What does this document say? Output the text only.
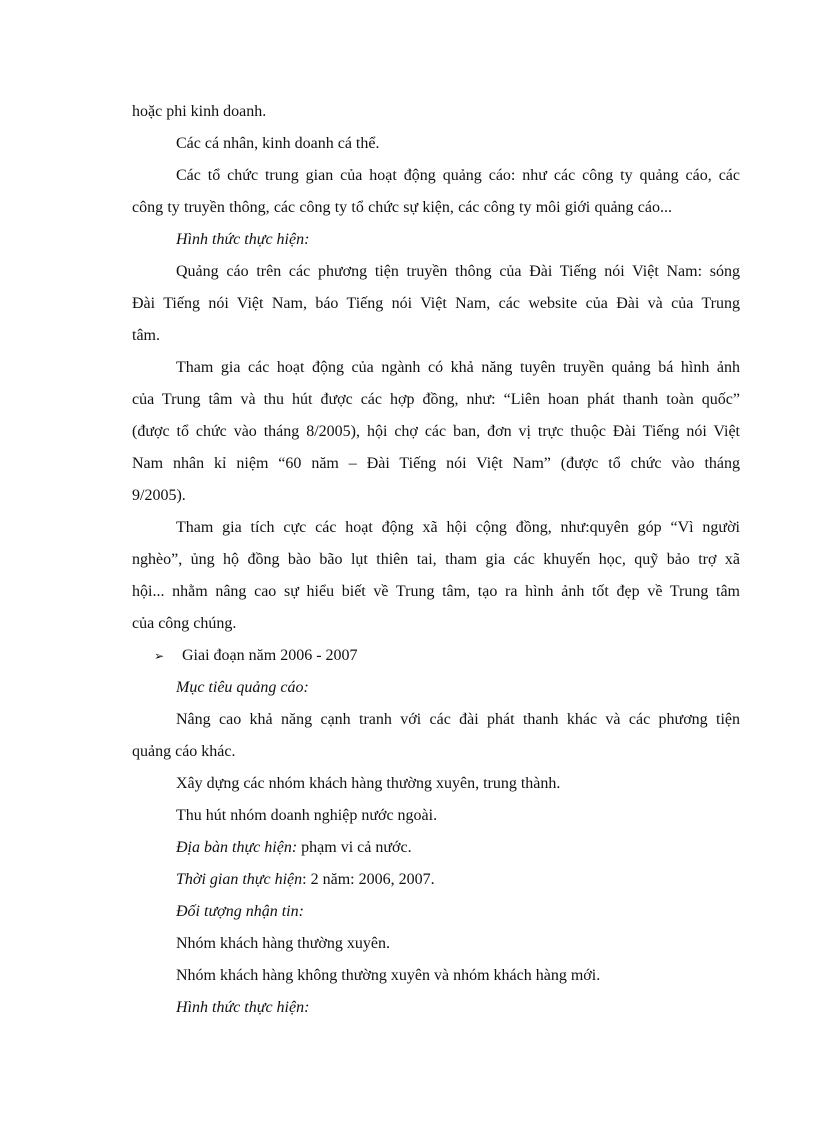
hoặc phi kinh doanh.
Các cá nhân, kinh doanh cá thể.
Các tổ chức trung gian của hoạt động quảng cáo: như các công ty quảng cáo, các
công ty truyền thông, các công ty tổ chức sự kiện, các công ty môi giới quảng cáo...
Hình thức thực hiện:
Quảng cáo trên các phương tiện truyền thông của Đài Tiếng nói Việt Nam: sóng
Đài Tiếng nói Việt Nam, báo Tiếng nói Việt Nam, các website của Đài và của Trung
tâm.
Tham gia các hoạt động của ngành có khả năng tuyên truyền quảng bá hình ảnh
của Trung tâm và thu hút được các hợp đồng, như: “Liên hoan phát thanh toàn quốc”
(được tổ chức vào tháng 8/2005), hội chợ các ban, đơn vị trực thuộc Đài Tiếng nói Việt
Nam nhân kỉ niệm “60 năm – Đài Tiếng nói Việt Nam” (được tổ chức vào tháng
9/2005).
Tham gia tích cực các hoạt động xã hội cộng đồng, như:quyên góp “Vì người
nghèo”, ủng hộ đồng bào bão lụt thiên tai, tham gia các khuyến học, quỹ bảo trợ xã
hội... nhằm nâng cao sự hiểu biết về Trung tâm, tạo ra hình ảnh tốt đẹp về Trung tâm
của công chúng.
➢ Giai đoạn năm 2006 - 2007
Mục tiêu quảng cáo:
Nâng cao khả năng cạnh tranh với các đài phát thanh khác và các phương tiện
quảng cáo khác.
Xây dựng các nhóm khách hàng thường xuyên, trung thành.
Thu hút nhóm doanh nghiệp nước ngoài.
Địa bàn thực hiện: phạm vi cả nước.
Thời gian thực hiện: 2 năm: 2006, 2007.
Đối tượng nhận tin:
Nhóm khách hàng thường xuyên.
Nhóm khách hàng không thường xuyên và nhóm khách hàng mới.
Hình thức thực hiện:
